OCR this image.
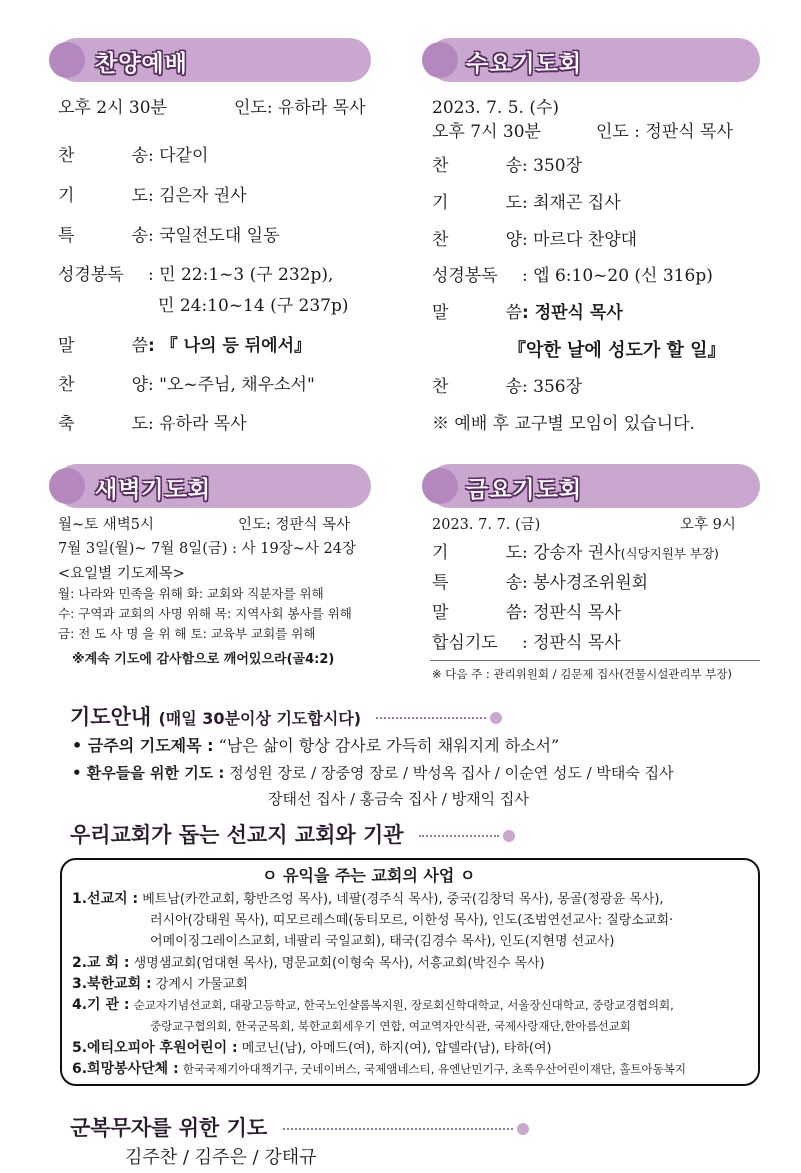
찬양예배
오후 2시 30분	인도: 유하라 목사
찬 송: 다같이
기 도: 김은자 권사
특 송: 국일전도대 일동
성경봉독 : 민 22:1~3 (구 232p),
민 24:10~14 (구 237p)
말 씀: 『 나의 등 뒤에서』
찬 양: "오~주님, 채우소서"
축 도: 유하라 목사
수요기도회
2023. 7. 5. (수)
오후 7시 30분	인도 : 정판식 목사
찬 송: 350장
기 도: 최재곤 집사
찬 양: 마르다 찬양대
성경봉독 : 엡 6:10~20 (신 316p)
말 씀: 정판식 목사
『악한 날에 성도가 할 일』
찬 송: 356장
※ 예배 후 교구별 모임이 있습니다.
새벽기도회
월~토 새벽5시	인도: 정판식 목사
7월 3일(월)~ 7월 8일(금) : 사 19장~사 24장
<요일별 기도제목>
월: 나라와 민족을 위해 화: 교회와 직분자를 위해
수: 구역과 교회의 사명 위해 목: 지역사회 봉사를 위해
금: 전 도 사 명 을 위 해 토: 교육부 교회를 위해
※계속 기도에 감사함으로 깨어있으라(골4:2)
금요기도회
2023. 7. 7. (금)	오후 9시
기 도: 강송자 권사(식당지원부 부장)
특 송: 봉사경조위원회
말 씀: 정판식 목사
합심기도 : 정판식 목사
※ 다음 주 : 관리위원회 / 김문제 집사(건물시설관리부 부장)
기도안내 (매일 30분이상 기도합시다)
• 금주의 기도제목 : “남은 삶이 항상 감사로 가득히 채워지게 하소서”
• 환우들을 위한 기도 : 정성원 장로 / 장중영 장로 / 박성옥 집사 / 이순연 성도 / 박태숙 집사
장태선 집사 / 홍금숙 집사 / 방재익 집사
우리교회가 돕는 선교지 교회와 기관
ㅇ 유익을 주는 교회의 사업 ㅇ
1.선교지 : 베트남(카깐교회, 황반즈엉 목사), 네팔(경주식 목사), 중국(김창덕 목사), 몽골(정광윤 목사),
러시아(강태원 목사), 띠모르레스떼(동티모르, 이한성 목사), 인도(조범연선교사: 질랑소교회·
어메이징그레이스교회, 네팔리 국일교회), 태국(김경수 목사), 인도(지현명 선교사)
2.교 회 : 생명샘교회(엄대현 목사), 명문교회(이형숙 목사), 서흥교회(박진수 목사)
3.북한교회 : 강계시 가물교회
4.기 관 : 순교자기념선교회, 대광고등학교, 한국노인샬롬복지원, 장로회신학대학교, 서울장신대학교, 중랑교경협의회,
중랑교구협의회, 한국군목회, 북한교회세우기 연합, 여교역자안식관, 국제사랑재단,한아름선교회
5.에티오피아 후원어린이 : 메코닌(남), 아메드(여), 하지(여), 압델라(남), 타하(여)
6.희망봉사단체 : 한국국제기아대책기구, 굿네이버스, 국제앰네스티, 유엔난민기구, 초록우산어린이재단, 홀트아동복지
군복무자를 위한 기도
김주찬 / 김주은 / 강태규
